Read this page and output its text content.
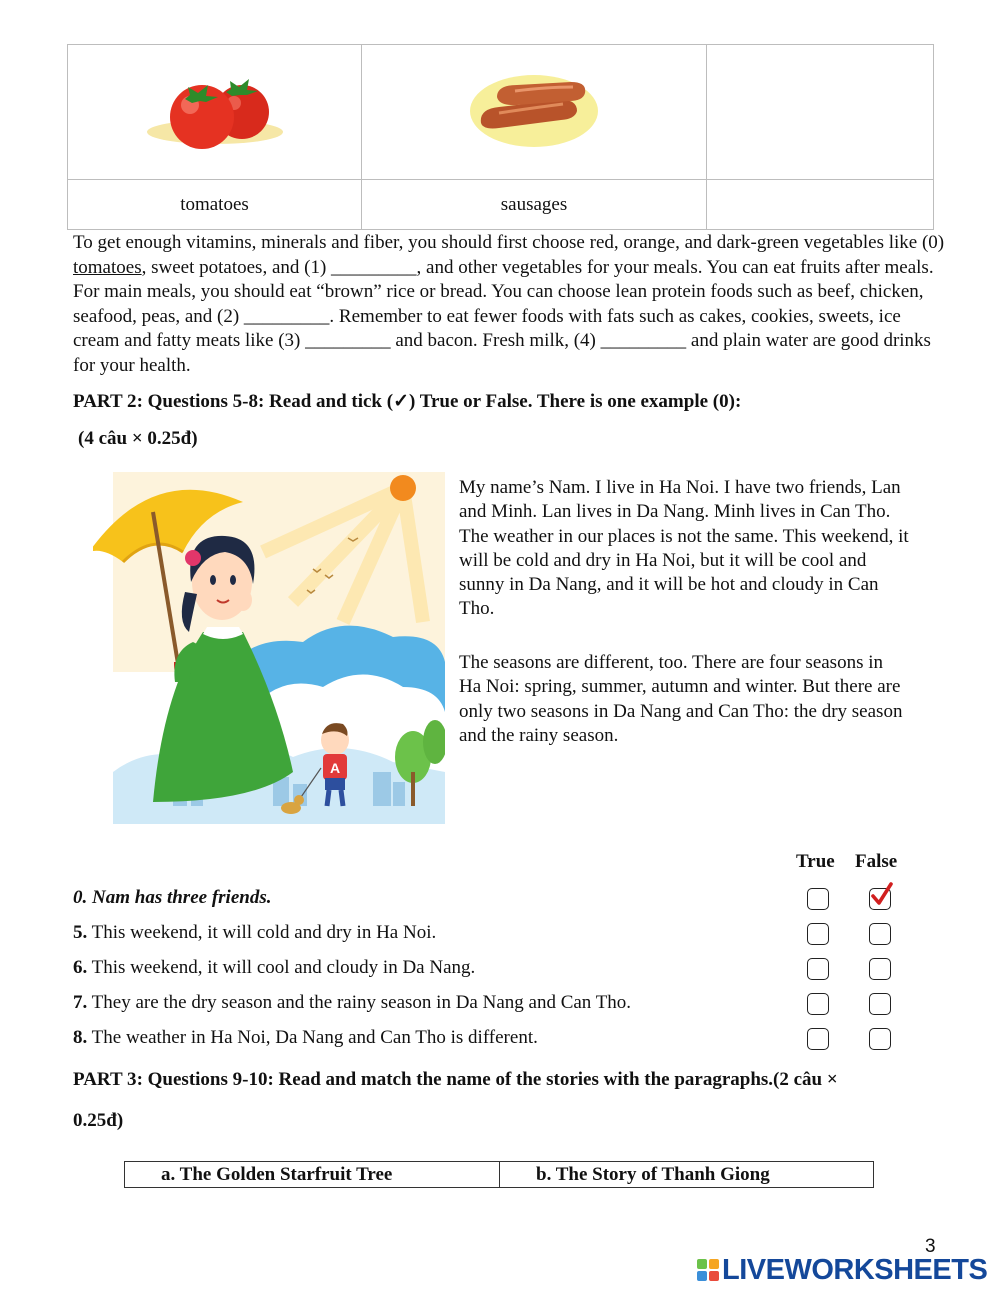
tomatoes	sausages	

To get enough vitamins, minerals and fiber, you should first choose red, orange, and dark-green vegetables like (0) tomatoes, sweet potatoes, and (1) _________, and other vegetables for your meals. You can eat fruits after meals. For main meals, you should eat “brown” rice or bread. You can choose lean protein foods such as beef, chicken, seafood, peas, and (2) _________. Remember to eat fewer foods with fats such as cakes, cookies, sweets, ice cream and fatty meats like (3) _________ and bacon. Fresh milk, (4) _________ and plain water are good drinks for your health.

PART 2: Questions 5-8: Read and tick (✓) True or False. There is one example (0):

(4 câu × 0.25đ)

A

My name’s Nam. I live in Ha Noi. I have two friends, Lan and Minh. Lan lives in Da Nang. Minh lives in Can Tho. The weather in our places is not the same. This weekend, it will be cold and dry in Ha Noi, but it will be cool and sunny in Da Nang, and it will be hot and cloudy in Can Tho.

The seasons are different, too. There are four seasons in Ha Noi: spring, summer, autumn and winter. But there are only two seasons in Da Nang and Can Tho: the dry season and the rainy season.

True False
0. Nam has three friends.
5. This weekend, it will cold and dry in Ha Noi.
6. This weekend, it will cool and cloudy in Da Nang.
7. They are the dry season and the rainy season in Da Nang and Can Tho.
8. The weather in Ha Noi, Da Nang and Can Tho is different.

PART 3: Questions 9-10: Read and match the name of the stories with the paragraphs.(2 câu ×

0.25đ)

a. The Golden Starfruit Tree	b. The Story of Thanh Giong
3
LIVEWORKSHEETS
